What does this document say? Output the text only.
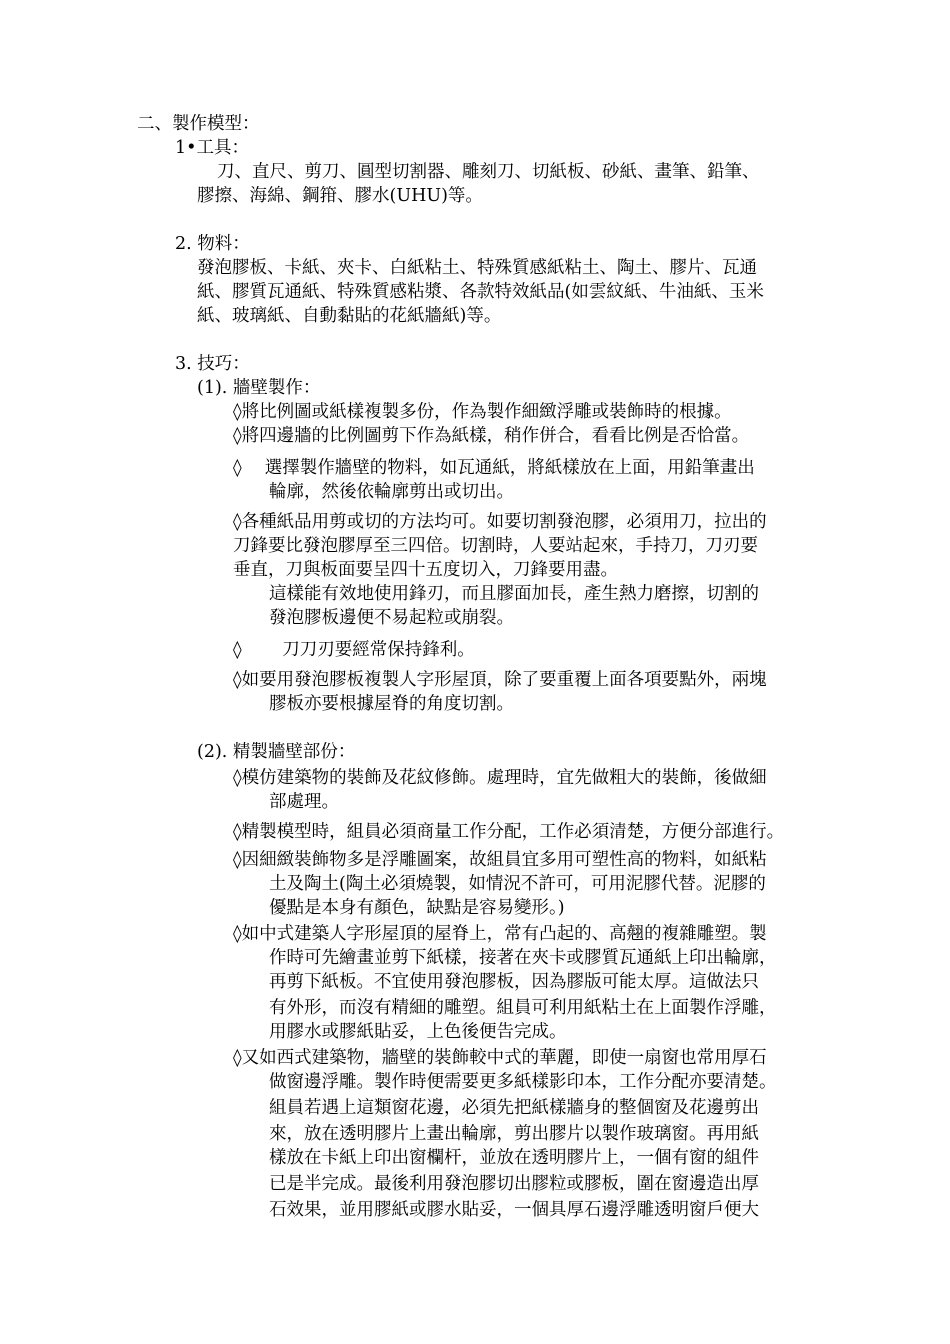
二、製作模型：
1•工具：
刀、直尺、剪刀、圓型切割器、雕刻刀、切紙板、砂紙、畫筆、鉛筆、
膠擦、海綿、鋼箝、膠水(UHU)等。
2. 物料：
發泡膠板、卡紙、夾卡、白紙粘土、特殊質感紙粘土、陶土、膠片、瓦通
紙、膠質瓦通紙、特殊質感粘漿、各款特效紙品(如雲紋紙、牛油紙、玉米
紙、玻璃紙、自動黏貼的花紙牆紙)等。
3. 技巧：
(1). 牆壁製作：
◊將比例圖或紙樣複製多份，作為製作細緻浮雕或裝飾時的根據。
◊將四邊牆的比例圖剪下作為紙樣，稍作併合，看看比例是否恰當。
◊　 選擇製作牆壁的物料，如瓦通紙，將紙樣放在上面，用鉛筆畫出
輪廓，然後依輪廓剪出或切出。
◊各種紙品用剪或切的方法均可。如要切割發泡膠，必須用刀，拉出的
刀鋒要比發泡膠厚至三四倍。切割時，人要站起來，手持刀，刀刃要
垂直，刀與板面要呈四十五度切入，刀鋒要用盡。
這樣能有效地使用鋒刃，而且膠面加長，產生熱力磨擦，切割的
發泡膠板邊便不易起粒或崩裂。
◊　　 刀刀刃要經常保持鋒利。
◊如要用發泡膠板複製人字形屋頂，除了要重覆上面各項要點外，兩塊
膠板亦要根據屋脊的角度切割。
(2). 精製牆壁部份：
◊模仿建築物的裝飾及花紋修飾。處理時，宜先做粗大的裝飾，後做細
部處理。
◊精製模型時，組員必須商量工作分配，工作必須清楚，方便分部進行。
◊因細緻裝飾物多是浮雕圖案，故組員宜多用可塑性高的物料，如紙粘
土及陶土(陶土必須燒製，如情況不許可，可用泥膠代替。泥膠的
優點是本身有顏色，缺點是容易變形。)
◊如中式建築人字形屋頂的屋脊上，常有凸起的、高翹的複雜雕塑。製
作時可先繪畫並剪下紙樣，接著在夾卡或膠質瓦通紙上印出輪廓，
再剪下紙板。不宜使用發泡膠板，因為膠版可能太厚。這做法只
有外形，而沒有精細的雕塑。組員可利用紙粘土在上面製作浮雕，
用膠水或膠紙貼妥，上色後便告完成。
◊又如西式建築物，牆壁的裝飾較中式的華麗，即使一扇窗也常用厚石
做窗邊浮雕。製作時便需要更多紙樣影印本，工作分配亦要清楚。
組員若遇上這類窗花邊，必須先把紙樣牆身的整個窗及花邊剪出
來，放在透明膠片上畫出輪廓，剪出膠片以製作玻璃窗。再用紙
樣放在卡紙上印出窗欄杆，並放在透明膠片上，一個有窗的組件
已是半完成。最後利用發泡膠切出膠粒或膠板，圍在窗邊造出厚
石效果，並用膠紙或膠水貼妥，一個具厚石邊浮雕透明窗戶便大
